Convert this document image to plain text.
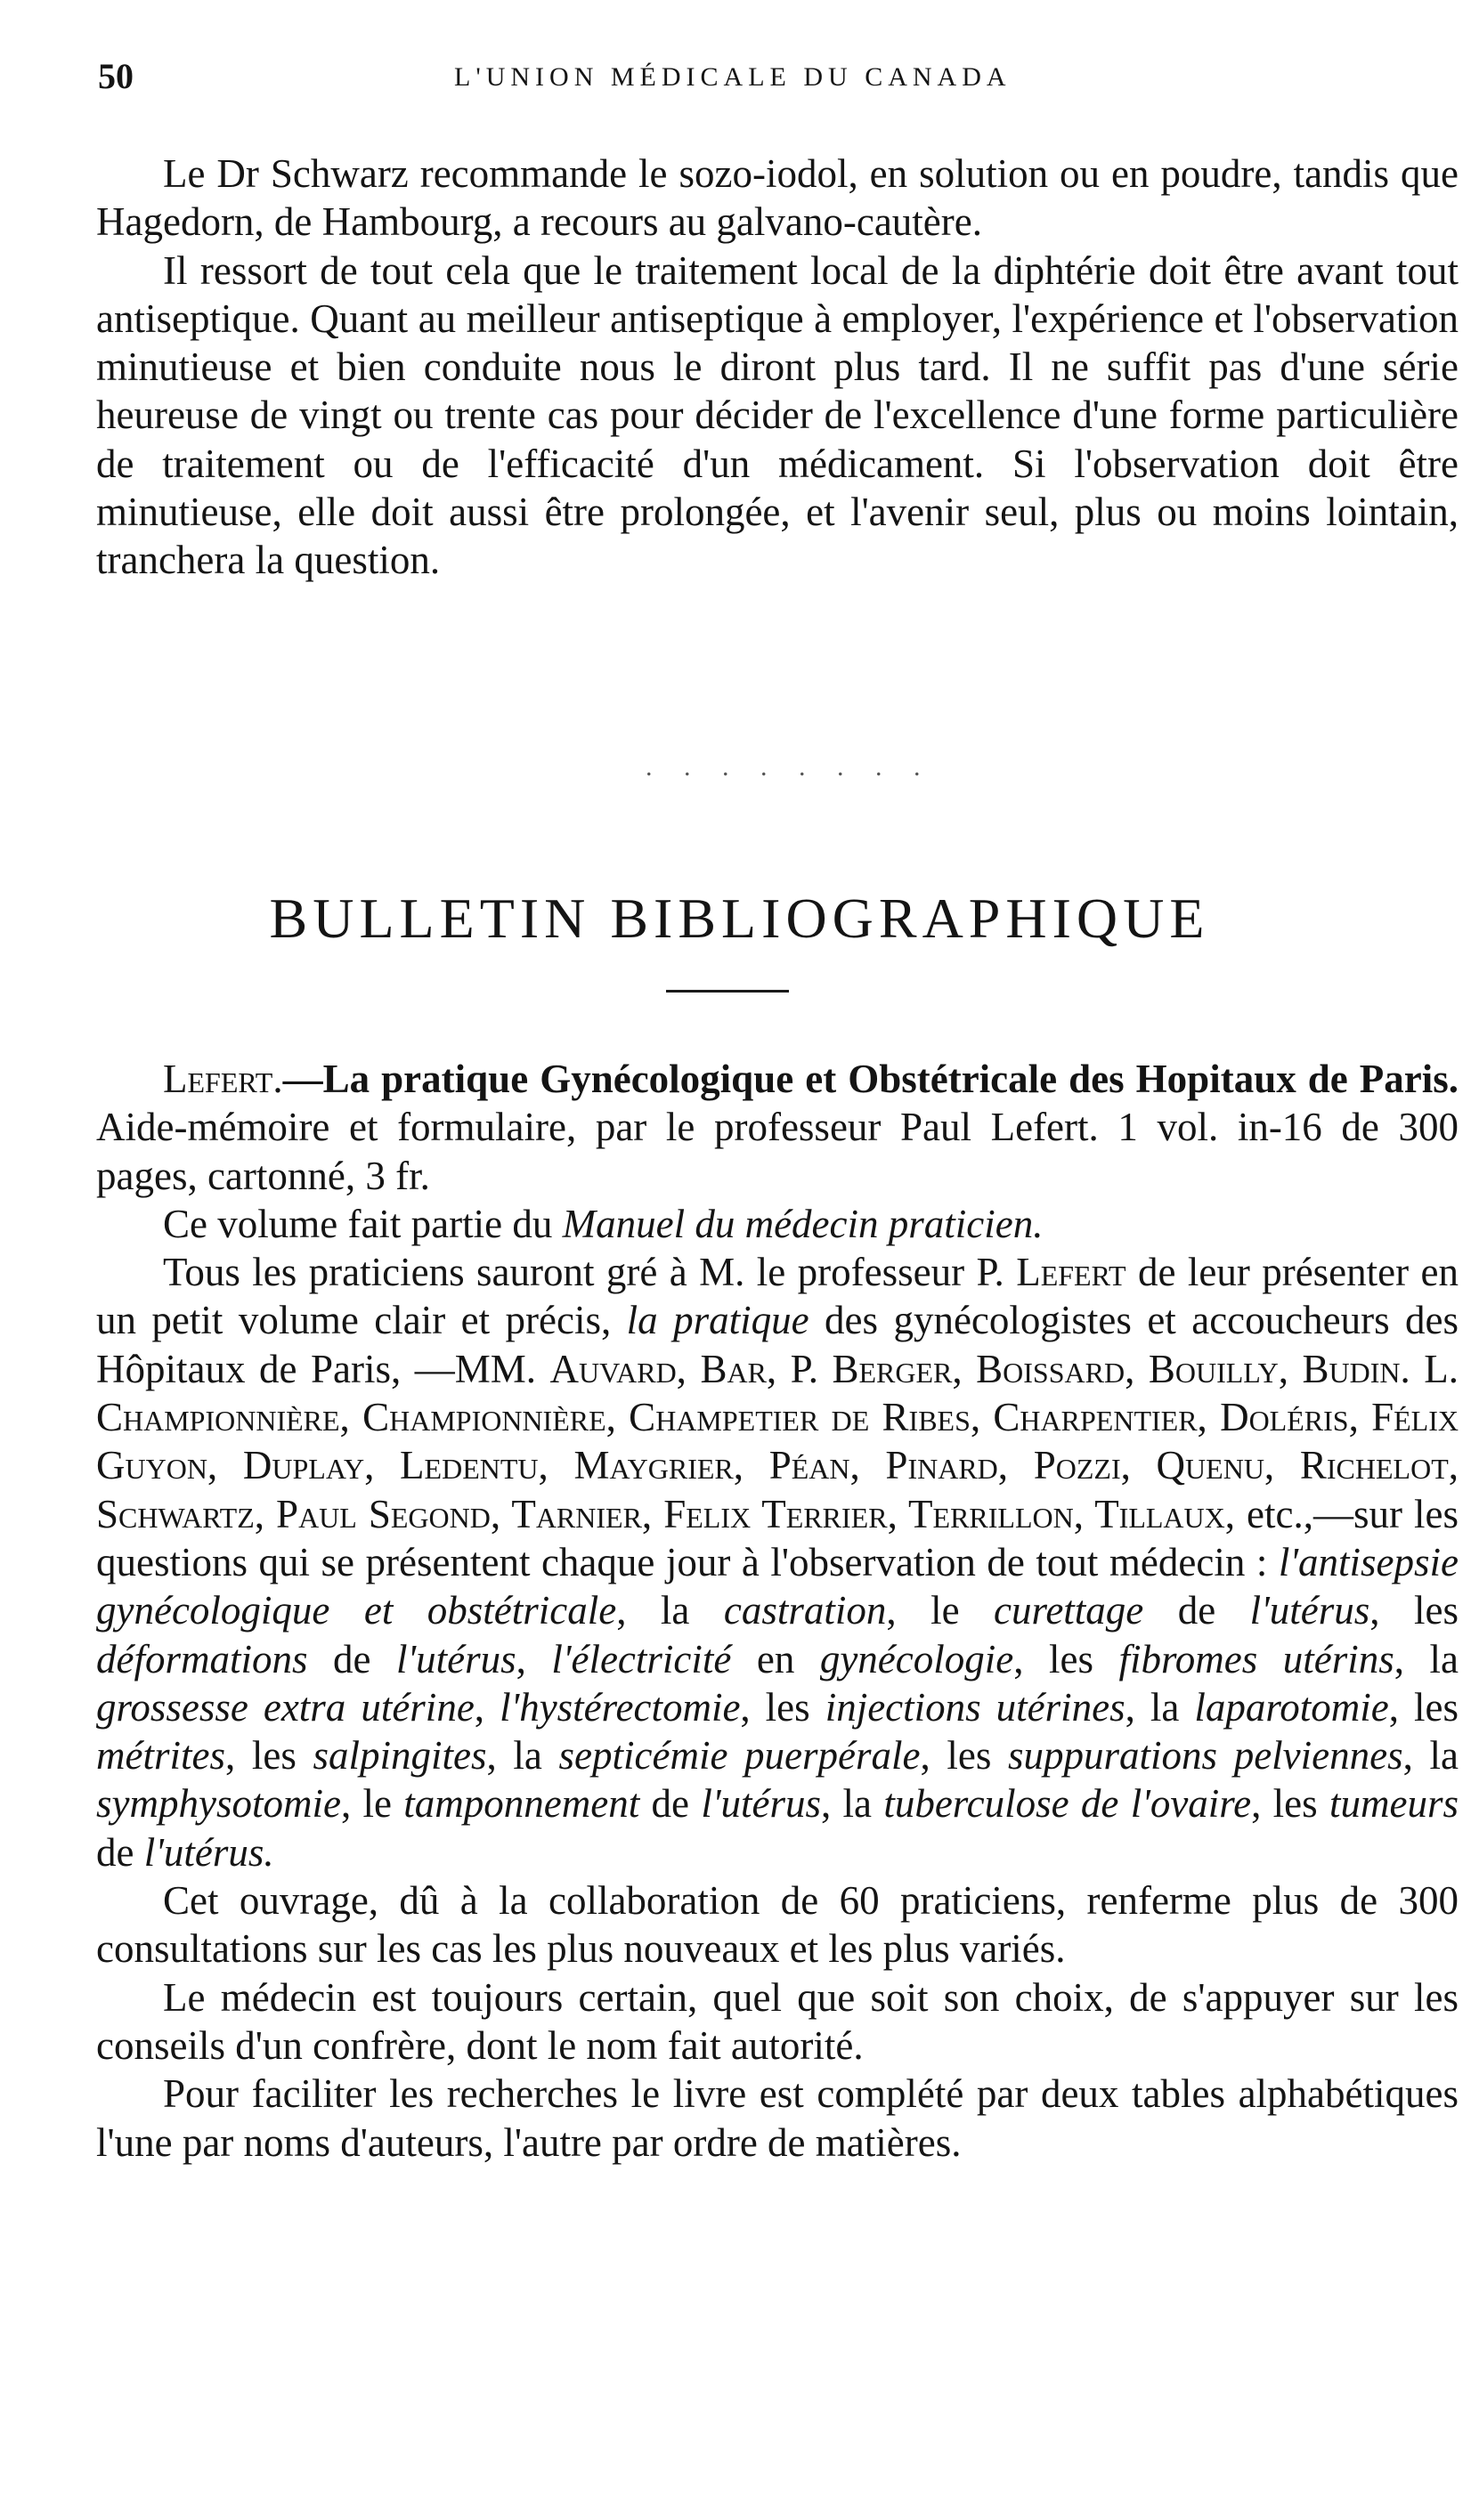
50	L'UNION MÉDICALE DU CANADA

Le Dr Schwarz recommande le sozo-iodol, en solution ou en poudre, tandis que Hagedorn, de Hambourg, a recours au galvano-cautère.

Il ressort de tout cela que le traitement local de la diphtérie doit être avant tout antiseptique. Quant au meilleur antiseptique à employer, l'expérience et l'observation minutieuse et bien conduite nous le diront plus tard. Il ne suffit pas d'une série heureuse de vingt ou trente cas pour décider de l'excellence d'une forme particulière de traitement ou de l'efficacité d'un médicament. Si l'observation doit être minutieuse, elle doit aussi être prolongée, et l'avenir seul, plus ou moins lointain, tranchera la question.

. . . . . . . .
BULLETIN BIBLIOGRAPHIQUE

Lefert.—La pratique Gynécologique et Obstétricale des Hopitaux de Paris. Aide-mémoire et formulaire, par le professeur Paul Lefert. 1 vol. in-16 de 300 pages, cartonné, 3 fr.

Ce volume fait partie du Manuel du médecin praticien.

Tous les praticiens sauront gré à M. le professeur P. Lefert de leur présenter en un petit volume clair et précis, la pratique des gynécologistes et accoucheurs des Hôpitaux de Paris, —MM. Auvard, Bar, P. Berger, Boissard, Bouilly, Budin. L. Championnière, Championnière, Champetier de Ribes, Charpentier, Doléris, Félix Guyon, Duplay, Ledentu, Maygrier, Péan, Pinard, Pozzi, Quenu, Richelot, Schwartz, Paul Segond, Tarnier, Felix Terrier, Terrillon, Tillaux, etc.,—sur les questions qui se présentent chaque jour à l'observation de tout médecin : l'antisepsie gynécologique et obstétricale, la castration, le curettage de l'utérus, les déformations de l'utérus, l'électricité en gynécologie, les fibromes utérins, la grossesse extra utérine, l'hystérectomie, les injections utérines, la laparotomie, les métrites, les salpingites, la septicémie puerpérale, les suppurations pelviennes, la symphysotomie, le tamponnement de l'utérus, la tuberculose de l'ovaire, les tumeurs de l'utérus.

Cet ouvrage, dû à la collaboration de 60 praticiens, renferme plus de 300 consultations sur les cas les plus nouveaux et les plus variés.

Le médecin est toujours certain, quel que soit son choix, de s'appuyer sur les conseils d'un confrère, dont le nom fait autorité.

Pour faciliter les recherches le livre est complété par deux tables alphabétiques l'une par noms d'auteurs, l'autre par ordre de matières.
